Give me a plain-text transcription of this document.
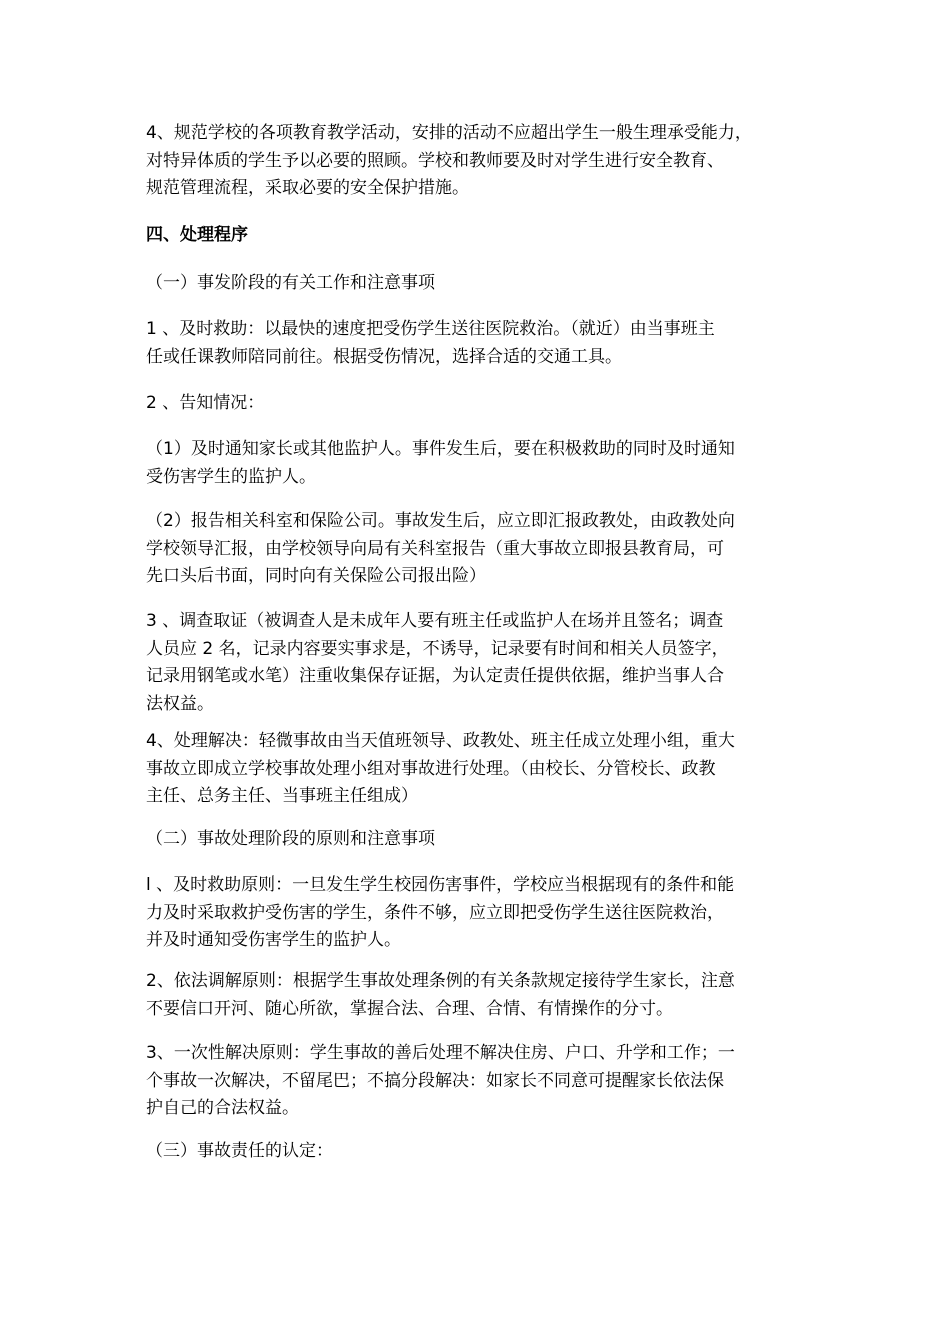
4、规范学校的各项教育教学活动，安排的活动不应超出学生一般生理承受能力，
对特异体质的学生予以必要的照顾。学校和教师要及时对学生进行安全教育、
规范管理流程，采取必要的安全保护措施。

四、处理程序

（一）事发阶段的有关工作和注意事项

1 、及时救助：以最快的速度把受伤学生送往医院救治。（就近）由当事班主
任或任课教师陪同前往。根据受伤情况，选择合适的交通工具。

2 、告知情况：

（1）及时通知家长或其他监护人。事件发生后，要在积极救助的同时及时通知
受伤害学生的监护人。

（2）报告相关科室和保险公司。事故发生后，应立即汇报政教处，由政教处向
学校领导汇报，由学校领导向局有关科室报告（重大事故立即报县教育局，可
先口头后书面，同时向有关保险公司报出险）

3 、调查取证（被调查人是未成年人要有班主任或监护人在场并且签名；调查
人员应 2 名，记录内容要实事求是，不诱导，记录要有时间和相关人员签字，
记录用钢笔或水笔）注重收集保存证据，为认定责任提供依据，维护当事人合
法权益。

4、处理解决：轻微事故由当天值班领导、政教处、班主任成立处理小组，重大
事故立即成立学校事故处理小组对事故进行处理。（由校长、分管校长、政教
主任、总务主任、当事班主任组成）

（二）事故处理阶段的原则和注意事项

l 、及时救助原则：一旦发生学生校园伤害事件，学校应当根据现有的条件和能
力及时采取救护受伤害的学生，条件不够，应立即把受伤学生送往医院救治，
并及时通知受伤害学生的监护人。

2、依法调解原则：根据学生事故处理条例的有关条款规定接待学生家长，注意
不要信口开河、随心所欲，掌握合法、合理、合情、有情操作的分寸。

3、一次性解决原则：学生事故的善后处理不解决住房、户口、升学和工作；一
个事故一次解决，不留尾巴；不搞分段解决：如家长不同意可提醒家长依法保
护自己的合法权益。

（三）事故责任的认定：
